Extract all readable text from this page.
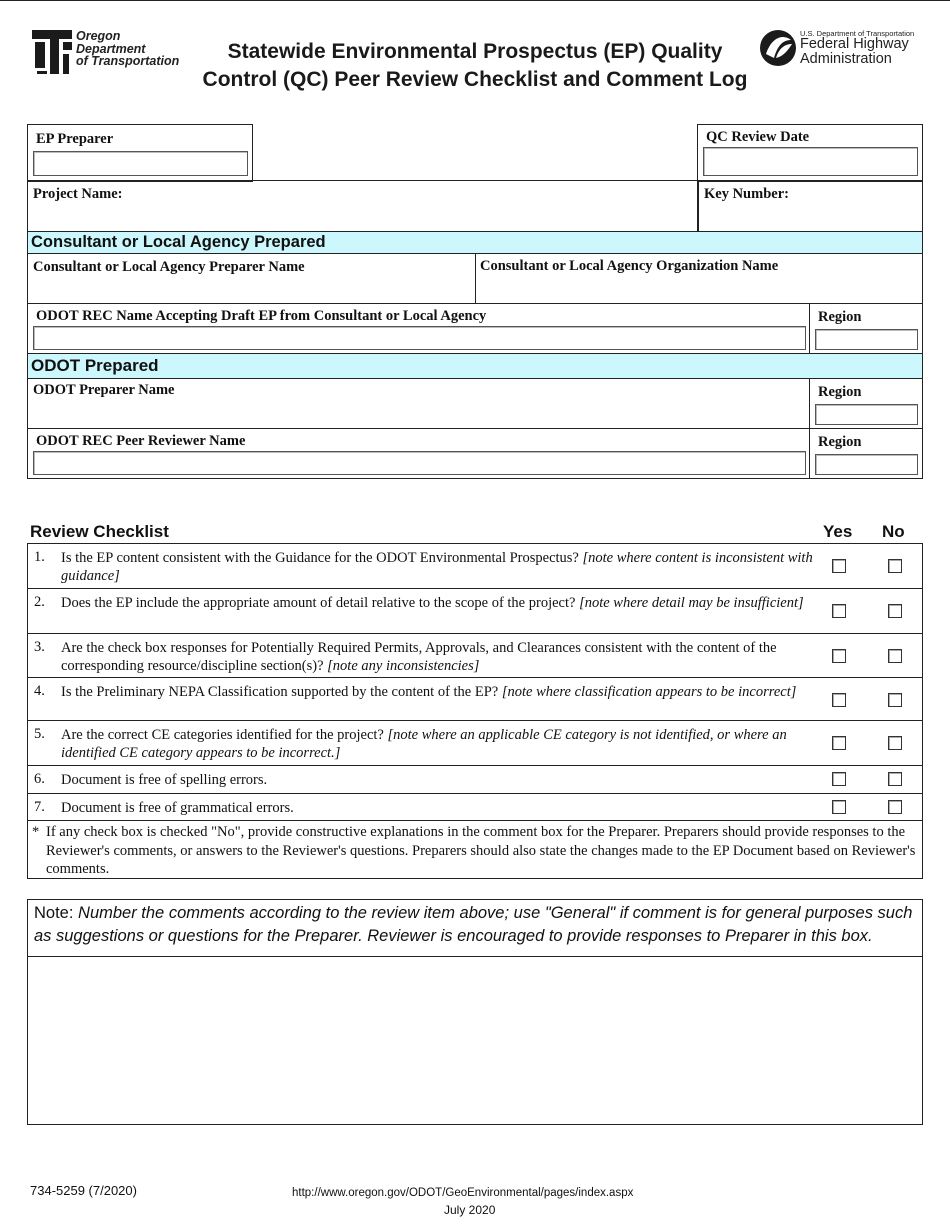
Oregon
Department
of Transportation	Statewide Environmental Prospectus (EP) Quality
Control (QC) Peer Review Checklist and Comment Log
U.S. Department of Transportation
Federal Highway
Administration
EP Preparer	QC Review Date
Project Name:	Key Number:
Consultant or Local Agency Prepared
Consultant or Local Agency Preparer Name	Consultant or Local Agency Organization Name
ODOT REC Name Accepting Draft EP from Consultant or Local Agency	Region
ODOT Prepared
ODOT Preparer Name	Region
ODOT REC Peer Reviewer Name	Region
Review Checklist	Yes No
* If any check box is checked "No", provide constructive explanations in the comment box for the Preparer. Preparers should provide responses to the Reviewer's comments, or answers to the Reviewer's questions. Preparers should also state the changes made to the EP Document based on Reviewer's comments.
Note: Number the comments according to the review item above; use "General" if comment is for general purposes such as suggestions or questions for the Preparer. Reviewer is encouraged to provide responses to Preparer in this box.
734-5259 (7/2020)	http://www.oregon.gov/ODOT/GeoEnvironmental/pages/index.aspx
July 2020
1. Is the EP content consistent with the Guidance for the ODOT Environmental Prospectus? [note where content is inconsistent with guidance]
2. Does the EP include the appropriate amount of detail relative to the scope of the project? [note where detail may be insufficient]
3. Are the check box responses for Potentially Required Permits, Approvals, and Clearances consistent with the content of the corresponding resource/discipline section(s)? [note any inconsistencies]
4. Is the Preliminary NEPA Classification supported by the content of the EP? [note where classification appears to be incorrect]
5. Are the correct CE categories identified for the project? [note where an applicable CE category is not identified, or where an identified CE category appears to be incorrect.]
6. Document is free of spelling errors.
7. Document is free of grammatical errors.
